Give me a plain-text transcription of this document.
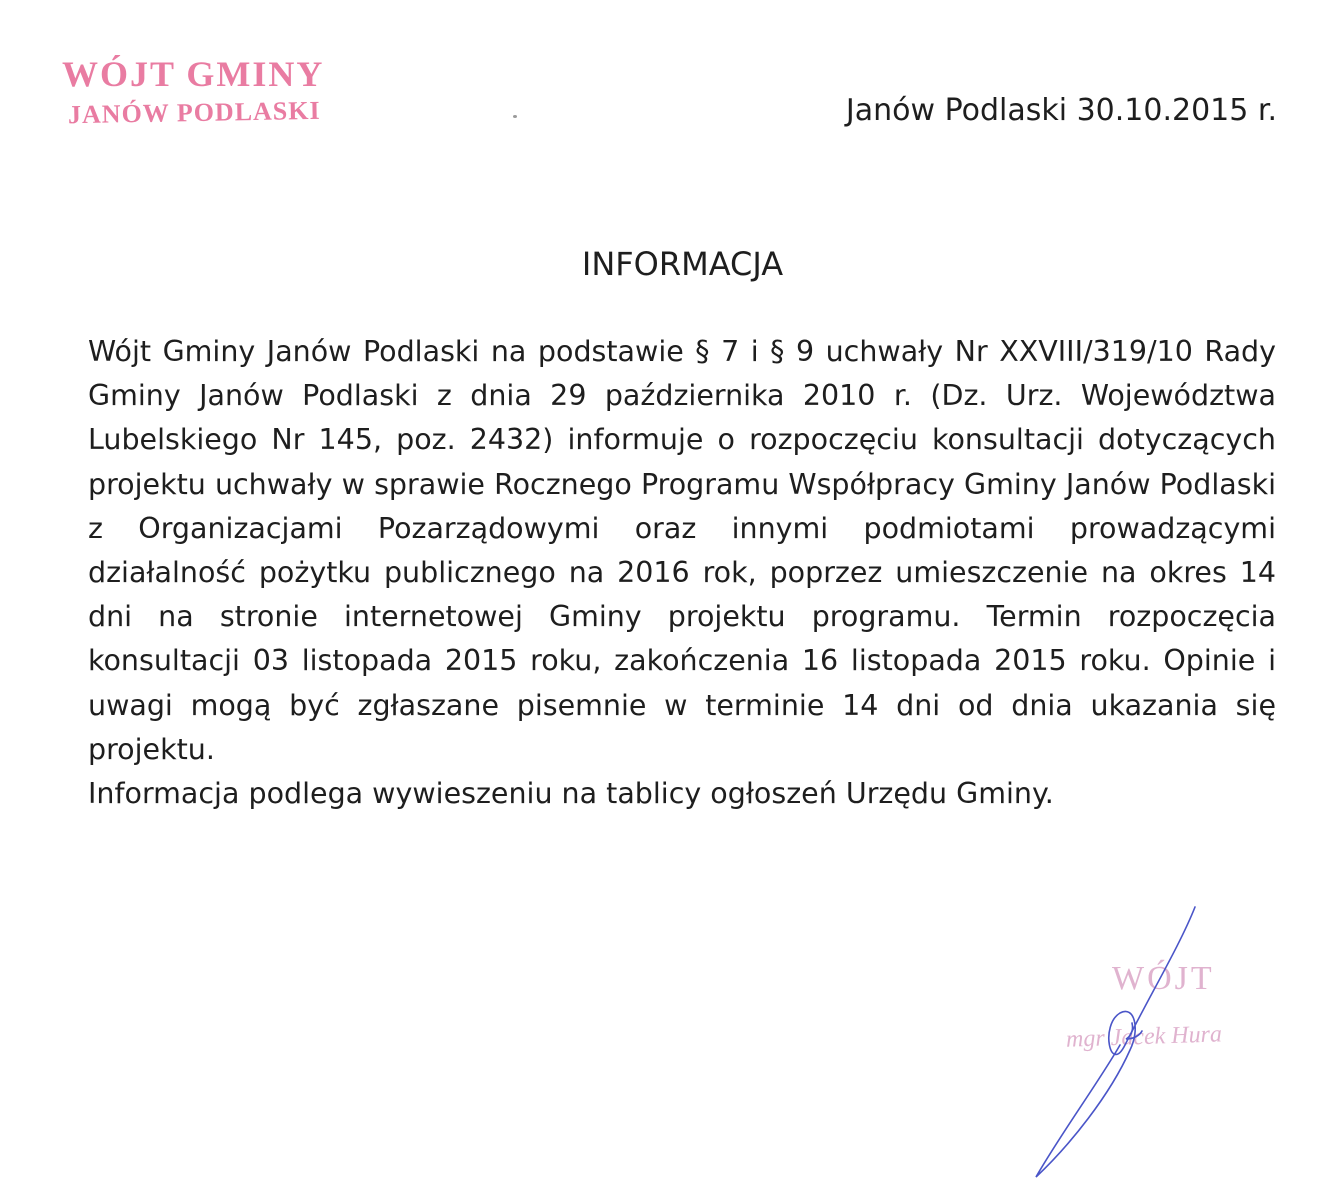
WÓJT GMINY
JANÓW PODLASKI	Janów Podlaski 30.10.2015 r.
INFORMACJA

Wójt Gminy Janów Podlaski na podstawie § 7 i § 9 uchwały Nr XXVIII/319/10 Rady Gminy Janów Podlaski z dnia 29 października 2010 r. (Dz. Urz. Województwa Lubelskiego Nr 145, poz. 2432) informuje o rozpoczęciu konsultacji dotyczących projektu uchwały w sprawie Rocznego Programu Współpracy Gminy Janów Podlaski z Organizacjami Pozarządowymi oraz innymi podmiotami prowadzącymi działalność pożytku publicznego na 2016 rok, poprzez umieszczenie na okres 14 dni na stronie internetowej Gminy projektu programu. Termin rozpoczęcia konsultacji 03 listopada 2015 roku, zakończenia 16 listopada 2015 roku. Opinie i uwagi mogą być zgłaszane pisemnie w terminie 14 dni od dnia ukazania się projektu.

Informacja podlega wywieszeniu na tablicy ogłoszeń Urzędu Gminy.

WÓJT
mgr Jacek Hura
